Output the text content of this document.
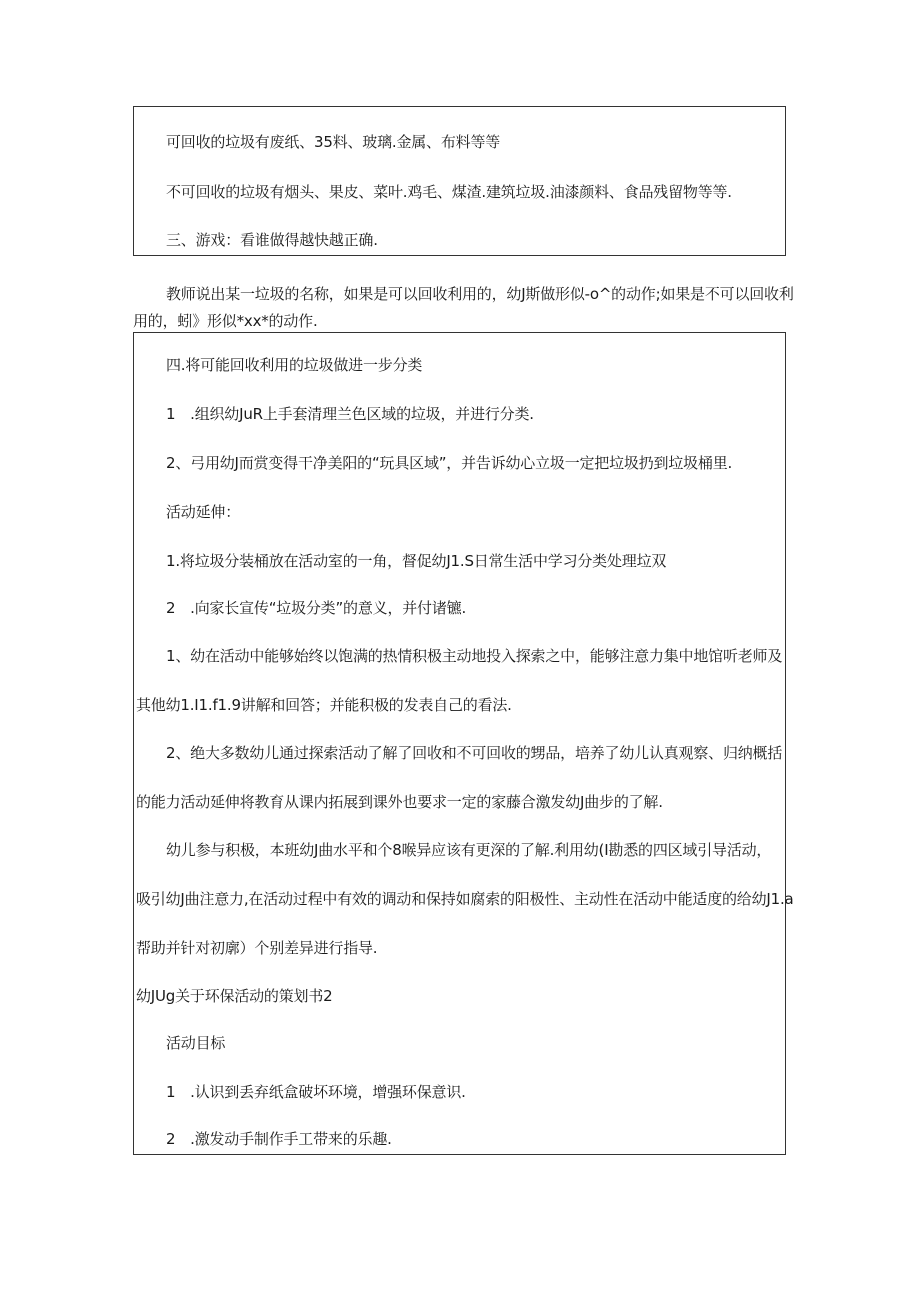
可回收的垃圾有废纸、35料、玻璃.金属、布料等等
不可回收的垃圾有烟头、果皮、菜叶.鸡毛、煤渣.建筑垃圾.油漆颜料、食品残留物等等.
三、游戏：看谁做得越快越正确.
教师说出某一垃圾的名称，如果是可以回收利用的，幼J斯做形似-o^的动作;如果是不可以回收利
用的，蚓》形似*xx*的动作.
四.将可能回收利用的垃圾做进一步分类
1　.组织幼JuR上手套清理兰色区域的垃圾，并进行分类.
2、弓用幼J而赏变得干净美阳的“玩具区域”，并告诉幼心立圾一定把垃圾扔到垃圾桶里.
活动延伸：
1.将垃圾分装桶放在活动室的一角，督促幼J1.S日常生活中学习分类处理垃双
2　.向家长宣传“垃圾分类”的意义，并付诸镳.
1、幼在活动中能够始终以饱满的热情积极主动地投入探索之中，能够注意力集中地馆听老师及
其他幼1.I1.f1.9讲解和回答；并能积极的发表自己的看法.
2、绝大多数幼儿通过探索活动了解了回收和不可回收的甥品，培养了幼儿认真观察、归纳概括
的能力活动延伸将教育从课内拓展到课外也要求一定的家藤合激发幼J曲步的了解.
幼儿参与积极，本班幼J曲水平和个8喉异应该有更深的了解.利用幼(I勘悉的四区域引导活动，
吸引幼J曲注意力,在活动过程中有效的调动和保持如腐索的阳极性、主动性在活动中能适度的给幼J1.a
帮助并针对初廓）个别差异进行指导.
幼JUg关于环保活动的策划书2
活动目标
1　.认识到丢弃纸盒破坏环境，增强环保意识.
2　.激发动手制作手工带来的乐趣.
